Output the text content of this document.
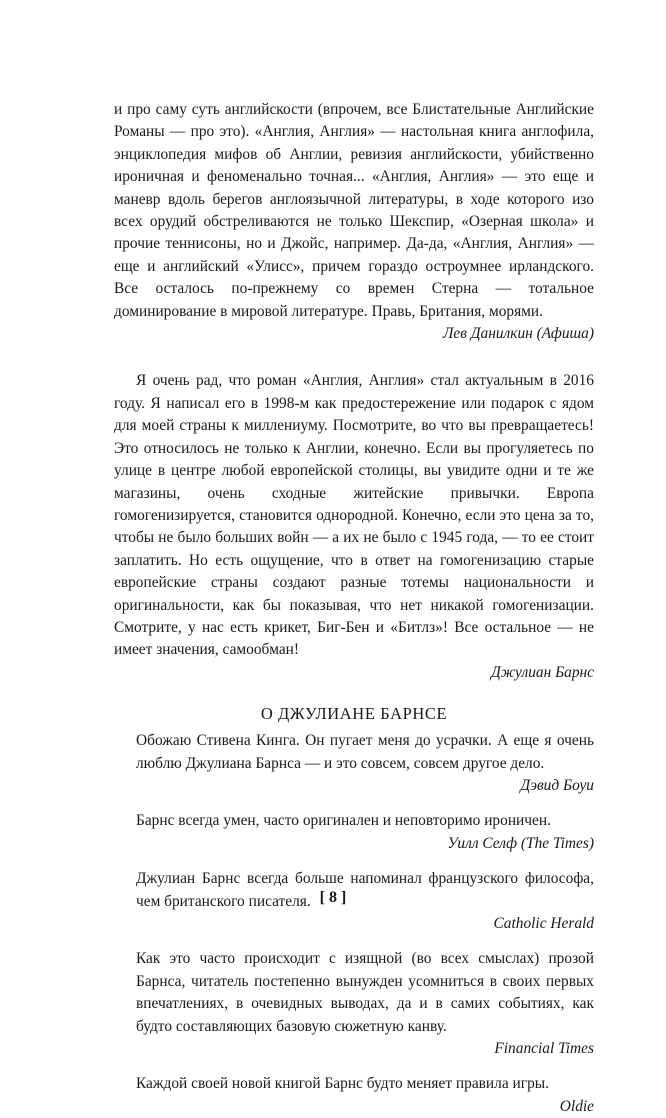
и про саму суть английскости (впрочем, все Блистательные Английские Романы — про это). «Англия, Англия» — настольная книга англофила, энциклопедия мифов об Англии, ревизия английскости, убийственно ироничная и феноменально точная... «Англия, Англия» — это еще и маневр вдоль берегов англоязычной литературы, в ходе которого изо всех орудий обстреливаются не только Шекспир, «Озерная школа» и прочие теннисоны, но и Джойс, например. Да-да, «Англия, Англия» — еще и английский «Улисс», причем гораздо остроумнее ирландского. Все осталось по-прежнему со времен Стерна — тотальное доминирование в мировой литературе. Правь, Британия, морями.

Лев Данилкин (Афиша)

Я очень рад, что роман «Англия, Англия» стал актуальным в 2016 году. Я написал его в 1998-м как предостережение или подарок с ядом для моей страны к миллениуму. Посмотрите, во что вы превращаетесь! Это относилось не только к Англии, конечно. Если вы прогуляетесь по улице в центре любой европейской столицы, вы увидите одни и те же магазины, очень сходные житейские привычки. Европа гомогенизируется, становится однородной. Конечно, если это цена за то, чтобы не было больших войн — а их не было с 1945 года, — то ее стоит заплатить. Но есть ощущение, что в ответ на гомогенизацию старые европейские страны создают разные тотемы национальности и оригинальности, как бы показывая, что нет никакой гомогенизации. Смотрите, у нас есть крикет, Биг-Бен и «Битлз»! Все остальное — не имеет значения, самообман!

Джулиан Барнс

О ДЖУЛИАНЕ БАРНСЕ

Обожаю Стивена Кинга. Он пугает меня до усрачки. А еще я очень люблю Джулиана Барнса — и это совсем, совсем другое дело.

Дэвид Боуи

Барнс всегда умен, часто оригинален и неповторимо ироничен.

Уилл Селф (The Times)

Джулиан Барнс всегда больше напоминал французского философа, чем британского писателя.

Catholic Herald

Как это часто происходит с изящной (во всех смыслах) прозой Барнса, читатель постепенно вынужден усомниться в своих первых впечатлениях, в очевидных выводах, да и в самих событиях, как будто составляющих базовую сюжетную канву.

Financial Times

Каждой своей новой книгой Барнс будто меняет правила игры.

Oldie

[ 8 ]
